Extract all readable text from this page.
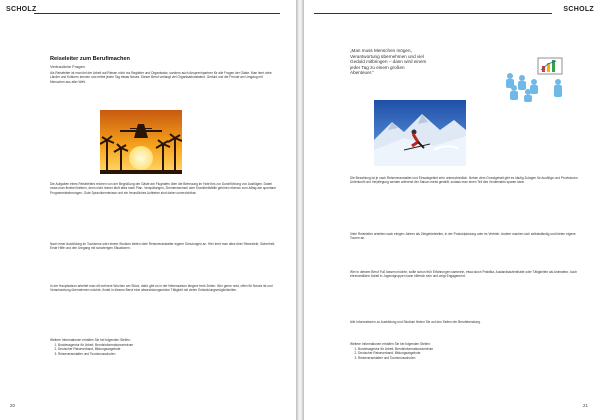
SCHOLZ

Reiseleiter zum Berufimachen

Vertrauliche Fragen

Als Reiseleiter ist man bei der Arbeit auf Reisen nicht nur Begleiter und Organisator, sondern auch Ansprechpartner für alle Fragen der Gäste. Man lernt viele Länder und Kulturen kennen und erlebt jeden Tag etwas Neues. Dieser Beruf verlangt viel Organisationstalent, Geduld und die Freude am Umgang mit Menschen aus aller Welt.

Die Aufgaben eines Reiseleiters reichen von der Begrüßung der Gäste am Flughafen über die Betreuung im Hotel bis zur Durchführung von Ausflügen. Dabei muss man flexibel bleiben, denn nicht immer läuft alles nach Plan. Verspätungen, Zimmerwechsel oder Krankheitsfälle gehören ebenso zum Alltag wie spontane Programmänderungen. Gute Sprachkenntnisse und ein freundliches Auftreten sind daher unverzichtbar.

Nach einer Ausbildung im Tourismus oder einem Studium bieten viele Reiseveranstalter eigene Schulungen an. Hier lernt man alles über Reiseziele, Sicherheit, Erste Hilfe und den Umgang mit schwierigen Situationen.

In der Hauptsaison arbeitet man oft mehrere Wochen am Stück, dafür gibt es in der Nebensaison längere freie Zeiten. Wer gerne reist, offen für Neues ist und Verantwortung übernehmen möchte, findet in diesem Beruf eine abwechslungsreiche Tätigkeit mit vielen Entwicklungsmöglichkeiten.

Weitere Informationen erhalten Sie bei folgenden Stellen:

1. Bundesagentur für Arbeit, Berufsinformationszentrum
2. Deutscher Reiseverband, Bildungsangebote
3. Reiseveranstalter und Tourismusschulen
20
SCHOLZ

„Man muss Menschen mögen, Verantwortung übernehmen und viel Geduld mitbringen – dann wird einem jeder Tag zu einem großen Abenteuer.“

Die Bezahlung ist je nach Reiseveranstalter und Einsatzgebiet sehr unterschiedlich. Neben dem Grundgehalt gibt es häufig Zulagen für Ausflüge und Provisionen. Unterkunft und Verpflegung werden während der Saison meist gestellt, sodass man einen Teil des Verdienstes sparen kann.

Viele Reiseleiter arbeiten nach einigen Jahren als Zielgebietsleiter, in der Produktplanung oder im Vertrieb. Andere machen sich selbstständig und bieten eigene Touren an.

Wer in diesem Beruf Fuß fassen möchte, sollte schon früh Erfahrungen sammeln, etwa durch Praktika, Auslandsaufenthalte oder Tätigkeiten als Animateur. Auch ehrenamtliche Arbeit in Jugendgruppen kann hilfreich sein und zeigt Engagement.

Alle Informationen zu Ausbildung und Studium finden Sie auf den Seiten der Berufsberatung.

Weitere Informationen erhalten Sie bei folgenden Stellen:

1. Bundesagentur für Arbeit, Berufsinformationszentrum
2. Deutscher Reiseverband, Bildungsangebote
3. Reiseveranstalter und Tourismusschulen
21
